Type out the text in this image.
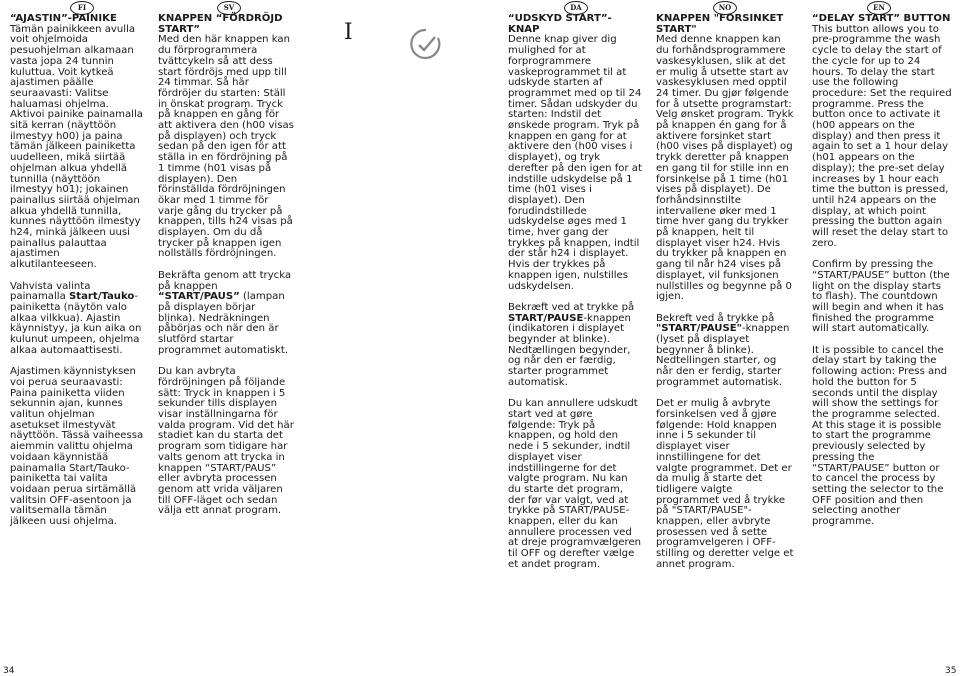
FI	SV	DA	NO	EN
I

“AJASTIN”-PAINIKE
Tämän painikkeen avulla voit ohjelmoida pesuohjelman alkamaan vasta jopa 24 tunnin kuluttua. Voit kytkeä ajastimen päälle seuraavasti: Valitse haluamasi ohjelma. Aktivoi painike painamalla sitä kerran (näyttöön ilmestyy h00) ja paina tämän jälkeen painiketta uudelleen, mikä siirtää ohjelman alkua yhdellä tunnilla (näyttöön ilmestyy h01); jokainen painallus siirtää ohjelman alkua yhdellä tunnilla, kunnes näyttöön ilmestyy h24, minkä jälkeen uusi painallus palauttaa ajastimen alkutilanteeseen.

Vahvista valinta painamalla Start/Tauko-painiketta (näytön valo alkaa vilkkua). Ajastin käynnistyy, ja kun aika on kulunut umpeen, ohjelma alkaa automaattisesti.

Ajastimen käynnistyksen voi perua seuraavasti: Paina painiketta viiden sekunnin ajan, kunnes valitun ohjelman asetukset ilmestyvät näyttöön. Tässä vaiheessa aiemmin valittu ohjelma voidaan käynnistää painamalla Start/Tauko-painiketta tai valita voidaan perua sirtämällä valitsin OFF-asentoon ja valitsemalla tämän jälkeen uusi ohjelma.

KNAPPEN “FÖRDRÖJD START”
Med den här knappen kan du förprogrammera tvättcykeln så att dess start fördröjs med upp till 24 timmar. Så här fördröjer du starten: Ställ in önskat program. Tryck på knappen en gång för att aktivera den (h00 visas på displayen) och tryck sedan på den igen för att ställa in en fördröjning på 1 timme (h01 visas på displayen). Den förinställda fördröjningen ökar med 1 timme för varje gång du trycker på knappen, tills h24 visas på displayen. Om du då trycker på knappen igen nollställs fördröjningen.

Bekräfta genom att trycka på knappen “START/PAUS” (lampan på displayen börjar blinka). Nedräkningen påbörjas och när den är slutförd startar programmet automatiskt.

Du kan avbryta fördröjningen på följande sätt: Tryck in knappen i 5 sekunder tills displayen visar inställningarna för valda program. Vid det här stadiet kan du starta det program som tidigare har valts genom att trycka in knappen “START/PAUS” eller avbryta processen genom att vrida väljaren till OFF-läget och sedan välja ett annat program.

“UDSKYD START”-KNAP
Denne knap giver dig mulighed for at forprogrammere vaskeprogrammet til at udskyde starten af programmet med op til 24 timer. Sådan udskyder du starten: Indstil det ønskede program. Tryk på knappen en gang for at aktivere den (h00 vises i displayet), og tryk derefter på den igen for at indstille udskydelse på 1 time (h01 vises i displayet). Den forudindstillede udskydelse øges med 1 time, hver gang der trykkes på knappen, indtil der står h24 i displayet. Hvis der trykkes på knappen igen, nulstilles udskydelsen.

Bekræft ved at trykke på START/PAUSE-knappen (indikatoren i displayet begynder at blinke). Nedtællingen begynder, og når den er færdig, starter programmet automatisk.

Du kan annullere udskudt start ved at gøre følgende: Tryk på knappen, og hold den nede i 5 sekunder, indtil displayet viser indstillingerne for det valgte program. Nu kan du starte det program, der før var valgt, ved at trykke på START/PAUSE-knappen, eller du kan annullere processen ved at dreje programvælgeren til OFF og derefter vælge et andet program.

KNAPPEN "FORSINKET START"
Med denne knappen kan du forhåndsprogrammere vaskesyklusen, slik at det er mulig å utsette start av vaskesyklusen med opptil 24 timer. Du gjør følgende for å utsette programstart: Velg ønsket program. Trykk på knappen én gang for å aktivere forsinket start (h00 vises på displayet) og trykk deretter på knappen en gang til for stille inn en forsinkelse på 1 time (h01 vises på displayet). De forhåndsinnstilte intervallene øker med 1 time hver gang du trykker på knappen, helt til displayet viser h24. Hvis du trykker på knappen en gang til når h24 vises på displayet, vil funksjonen nullstilles og begynne på 0 igjen.

Bekreft ved å trykke på "START/PAUSE"-knappen (lyset på displayet begynner å blinke). Nedtellingen starter, og når den er ferdig, starter programmet automatisk.

Det er mulig å avbryte forsinkelsen ved å gjøre følgende: Hold knappen inne i 5 sekunder til displayet viser innstillingene for det valgte programmet. Det er da mulig å starte det tidligere valgte programmet ved å trykke på "START/PAUSE"-knappen, eller avbryte prosessen ved å sette programvelgeren i OFF-stilling og deretter velge et annet program.

“DELAY START” BUTTON
This button allows you to pre-programme the wash cycle to delay the start of the cycle for up to 24 hours. To delay the start use the following procedure: Set the required programme. Press the button once to activate it (h00 appears on the display) and then press it again to set a 1 hour delay (h01 appears on the display); the pre-set delay increases by 1 hour each time the button is pressed, until h24 appears on the display, at which point pressing the button again will reset the delay start to zero.

Confirm by pressing the “START/PAUSE” button (the light on the display starts to flash). The countdown will begin and when it has finished the programme will start automatically.

It is possible to cancel the delay start by taking the following action: Press and hold the button for 5 seconds until the display will show the settings for the programme selected. At this stage it is possible to start the programme previously selected by pressing the “START/PAUSE” button or to cancel the process by setting the selector to the OFF position and then selecting another programme.

34	35
